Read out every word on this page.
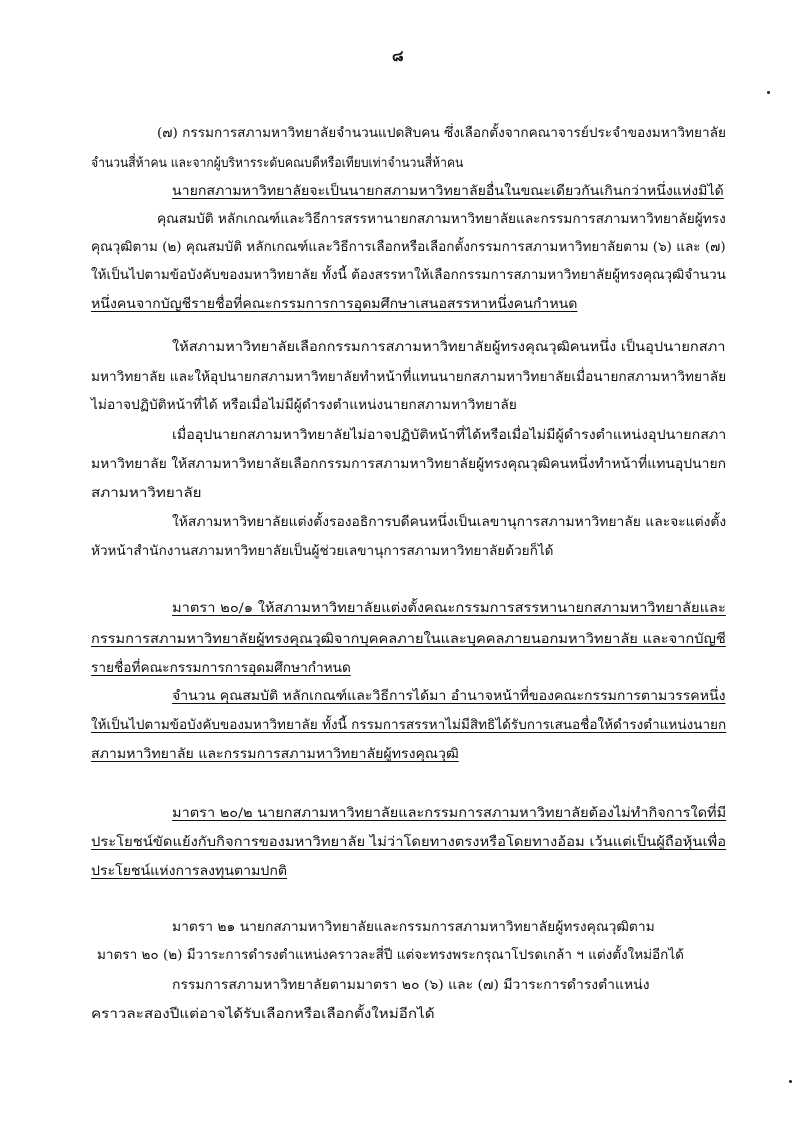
๘
(๗) กรรมการสภามหาวิทยาลัยจำนวนแปดสิบคน ซึ่งเลือกตั้งจากคณาจารย์ประจำของมหาวิทยาลัย
จำนวนสี่ห้าคน และจากผู้บริหารระดับคณบดีหรือเทียบเท่าจำนวนสี่ห้าคน
นายกสภามหาวิทยาลัยจะเป็นนายกสภามหาวิทยาลัยอื่นในขณะเดียวกันเกินกว่าหนึ่งแห่งมิได้
คุณสมบัติ หลักเกณฑ์และวิธีการสรรหานายกสภามหาวิทยาลัยและกรรมการสภามหาวิทยาลัยผู้ทรง
คุณวุฒิตาม (๒) คุณสมบัติ หลักเกณฑ์และวิธีการเลือกหรือเลือกตั้งกรรมการสภามหาวิทยาลัยตาม (๖) และ (๗)
ให้เป็นไปตามข้อบังคับของมหาวิทยาลัย ทั้งนี้ ต้องสรรหาให้เลือกกรรมการสภามหาวิทยาลัยผู้ทรงคุณวุฒิจำนวน
หนึ่งคนจากบัญชีรายชื่อที่คณะกรรมการการอุดมศึกษาเสนอสรรหาหนึ่งคนกำหนด
ให้สภามหาวิทยาลัยเลือกกรรมการสภามหาวิทยาลัยผู้ทรงคุณวุฒิคนหนึ่ง เป็นอุปนายกสภา
มหาวิทยาลัย และให้อุปนายกสภามหาวิทยาลัยทำหน้าที่แทนนายกสภามหาวิทยาลัยเมื่อนายกสภามหาวิทยาลัย
ไม่อาจปฏิบัติหน้าที่ได้ หรือเมื่อไม่มีผู้ดำรงตำแหน่งนายกสภามหาวิทยาลัย
เมื่ออุปนายกสภามหาวิทยาลัยไม่อาจปฏิบัติหน้าที่ได้หรือเมื่อไม่มีผู้ดำรงตำแหน่งอุปนายกสภา
มหาวิทยาลัย ให้สภามหาวิทยาลัยเลือกกรรมการสภามหาวิทยาลัยผู้ทรงคุณวุฒิคนหนึ่งทำหน้าที่แทนอุปนายก
สภามหาวิทยาลัย
ให้สภามหาวิทยาลัยแต่งตั้งรองอธิการบดีคนหนึ่งเป็นเลขานุการสภามหาวิทยาลัย และจะแต่งตั้ง
หัวหน้าสำนักงานสภามหาวิทยาลัยเป็นผู้ช่วยเลขานุการสภามหาวิทยาลัยด้วยก็ได้
มาตรา ๒๐/๑ ให้สภามหาวิทยาลัยแต่งตั้งคณะกรรมการสรรหานายกสภามหาวิทยาลัยและ
กรรมการสภามหาวิทยาลัยผู้ทรงคุณวุฒิจากบุคคลภายในและบุคคลภายนอกมหาวิทยาลัย และจากบัญชี
รายชื่อที่คณะกรรมการการอุดมศึกษากำหนด
จำนวน คุณสมบัติ หลักเกณฑ์และวิธีการได้มา อำนาจหน้าที่ของคณะกรรมการตามวรรคหนึ่ง
ให้เป็นไปตามข้อบังคับของมหาวิทยาลัย ทั้งนี้ กรรมการสรรหาไม่มีสิทธิได้รับการเสนอชื่อให้ดำรงตำแหน่งนายก
สภามหาวิทยาลัย และกรรมการสภามหาวิทยาลัยผู้ทรงคุณวุฒิ
มาตรา ๒๐/๒ นายกสภามหาวิทยาลัยและกรรมการสภามหาวิทยาลัยต้องไม่ทำกิจการใดที่มี
ประโยชน์ขัดแย้งกับกิจการของมหาวิทยาลัย ไม่ว่าโดยทางตรงหรือโดยทางอ้อม เว้นแต่เป็นผู้ถือหุ้นเพื่อ
ประโยชน์แห่งการลงทุนตามปกติ
มาตรา ๒๑ นายกสภามหาวิทยาลัยและกรรมการสภามหาวิทยาลัยผู้ทรงคุณวุฒิตาม
มาตรา ๒๐ (๒) มีวาระการดำรงตำแหน่งคราวละสี่ปี แต่จะทรงพระกรุณาโปรดเกล้า ฯ แต่งตั้งใหม่อีกได้
กรรมการสภามหาวิทยาลัยตามมาตรา ๒๐ (๖) และ (๗) มีวาระการดำรงตำแหน่ง
คราวละสองปีแต่อาจได้รับเลือกหรือเลือกตั้งใหม่อีกได้
